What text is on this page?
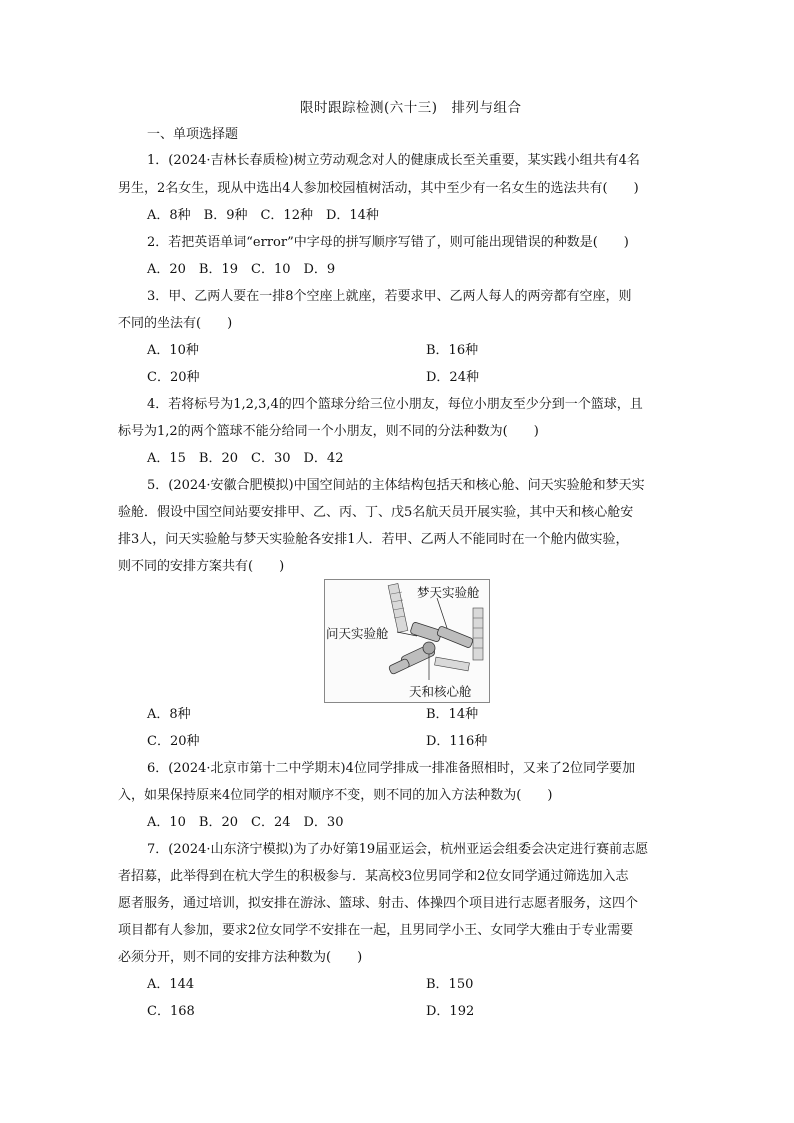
限时跟踪检测(六十三)　排列与组合
一、单项选择题
1．(2024·吉林长春质检)树立劳动观念对人的健康成长至关重要，某实践小组共有4名
男生，2名女生，现从中选出4人参加校园植树活动，其中至少有一名女生的选法共有(　　)
A．8种　B．9种　C．12种　D．14种
2．若把英语单词“error”中字母的拼写顺序写错了，则可能出现错误的种数是(　　)
A．20　B．19　C．10　D．9
3．甲、乙两人要在一排8个空座上就座，若要求甲、乙两人每人的两旁都有空座，则
不同的坐法有(　　)
A．10种	B．16种
C．20种	D．24种
4．若将标号为1,2,3,4的四个篮球分给三位小朋友，每位小朋友至少分到一个篮球，且
标号为1,2的两个篮球不能分给同一个小朋友，则不同的分法种数为(　　)
A．15　B．20　C．30　D．42
5．(2024·安徽合肥模拟)中国空间站的主体结构包括天和核心舱、问天实验舱和梦天实
验舱．假设中国空间站要安排甲、乙、丙、丁、戊5名航天员开展实验，其中天和核心舱安
排3人，问天实验舱与梦天实验舱各安排1人．若甲、乙两人不能同时在一个舱内做实验，
则不同的安排方案共有(　　)
梦天实验舱
问天实验舱
天和核心舱
A．8种	B．14种
C．20种	D．116种
6．(2024·北京市第十二中学期末)4位同学排成一排准备照相时，又来了2位同学要加
入，如果保持原来4位同学的相对顺序不变，则不同的加入方法种数为(　　)
A．10　B．20　C．24　D．30
7．(2024·山东济宁模拟)为了办好第19届亚运会，杭州亚运会组委会决定进行赛前志愿
者招募，此举得到在杭大学生的积极参与．某高校3位男同学和2位女同学通过筛选加入志
愿者服务，通过培训，拟安排在游泳、篮球、射击、体操四个项目进行志愿者服务，这四个
项目都有人参加，要求2位女同学不安排在一起，且男同学小王、女同学大雅由于专业需要
必须分开，则不同的安排方法种数为(　　)
A．144	B．150
C．168	D．192
